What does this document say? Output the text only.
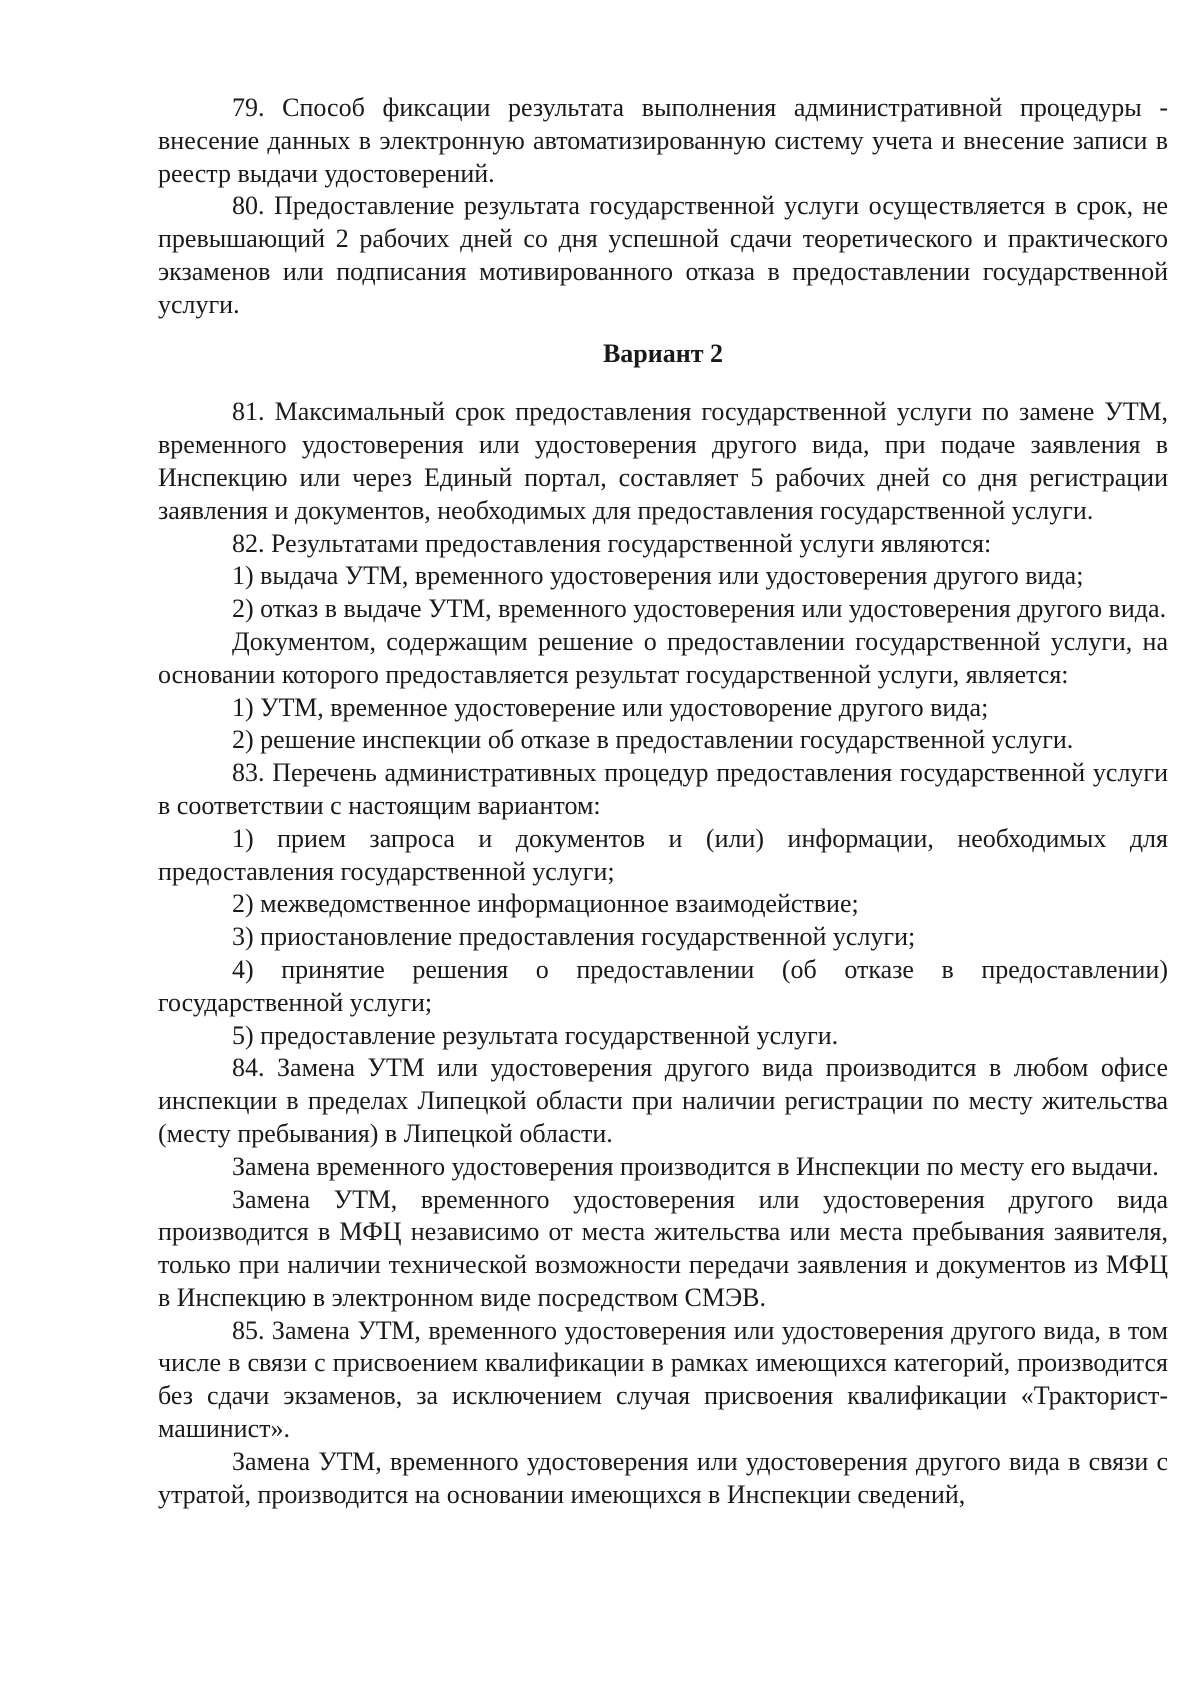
79. Способ фиксации результата выполнения административной процедуры - внесение данных в электронную автоматизированную систему учета и внесение записи в реестр выдачи удостоверений.

80. Предоставление результата государственной услуги осуществляется в срок, не превышающий 2 рабочих дней со дня успешной сдачи теоретического и практического экзаменов или подписания мотивированного отказа в предоставлении государственной услуги.

Вариант 2

81. Максимальный срок предоставления государственной услуги по замене УТМ, временного удостоверения или удостоверения другого вида, при подаче заявления в Инспекцию или через Единый портал, составляет 5 рабочих дней со дня регистрации заявления и документов, необходимых для предоставления государственной услуги.

82. Результатами предоставления государственной услуги являются:

1) выдача УТМ, временного удостоверения или удостоверения другого вида;

2) отказ в выдаче УТМ, временного удостоверения или удостоверения другого вида.

Документом, содержащим решение о предоставлении государственной услуги, на основании которого предоставляется результат государственной услуги, является:

1) УТМ, временное удостоверение или удостоворение другого вида;

2) решение инспекции об отказе в предоставлении государственной услуги.

83. Перечень административных процедур предоставления государственной услуги в соответствии с настоящим вариантом:

1) прием запроса и документов и (или) информации, необходимых для предоставления государственной услуги;

2) межведомственное информационное взаимодействие;

3) приостановление предоставления государственной услуги;

4) принятие решения о предоставлении (об отказе в предоставлении) государственной услуги;

5) предоставление результата государственной услуги.

84. Замена УТМ или удостоверения другого вида производится в любом офисе инспекции в пределах Липецкой области при наличии регистрации по месту жительства (месту пребывания) в Липецкой области.

Замена временного удостоверения производится в Инспекции по месту его выдачи.

Замена УТМ, временного удостоверения или удостоверения другого вида производится в МФЦ независимо от места жительства или места пребывания заявителя, только при наличии технической возможности передачи заявления и документов из МФЦ в Инспекцию в электронном виде посредством СМЭВ.

85. Замена УТМ, временного удостоверения или удостоверения другого вида, в том числе в связи с присвоением квалификации в рамках имеющихся категорий, производится без сдачи экзаменов, за исключением случая присвоения квалификации «Тракторист-машинист».

Замена УТМ, временного удостоверения или удостоверения другого вида в связи с утратой, производится на основании имеющихся в Инспекции сведений,
